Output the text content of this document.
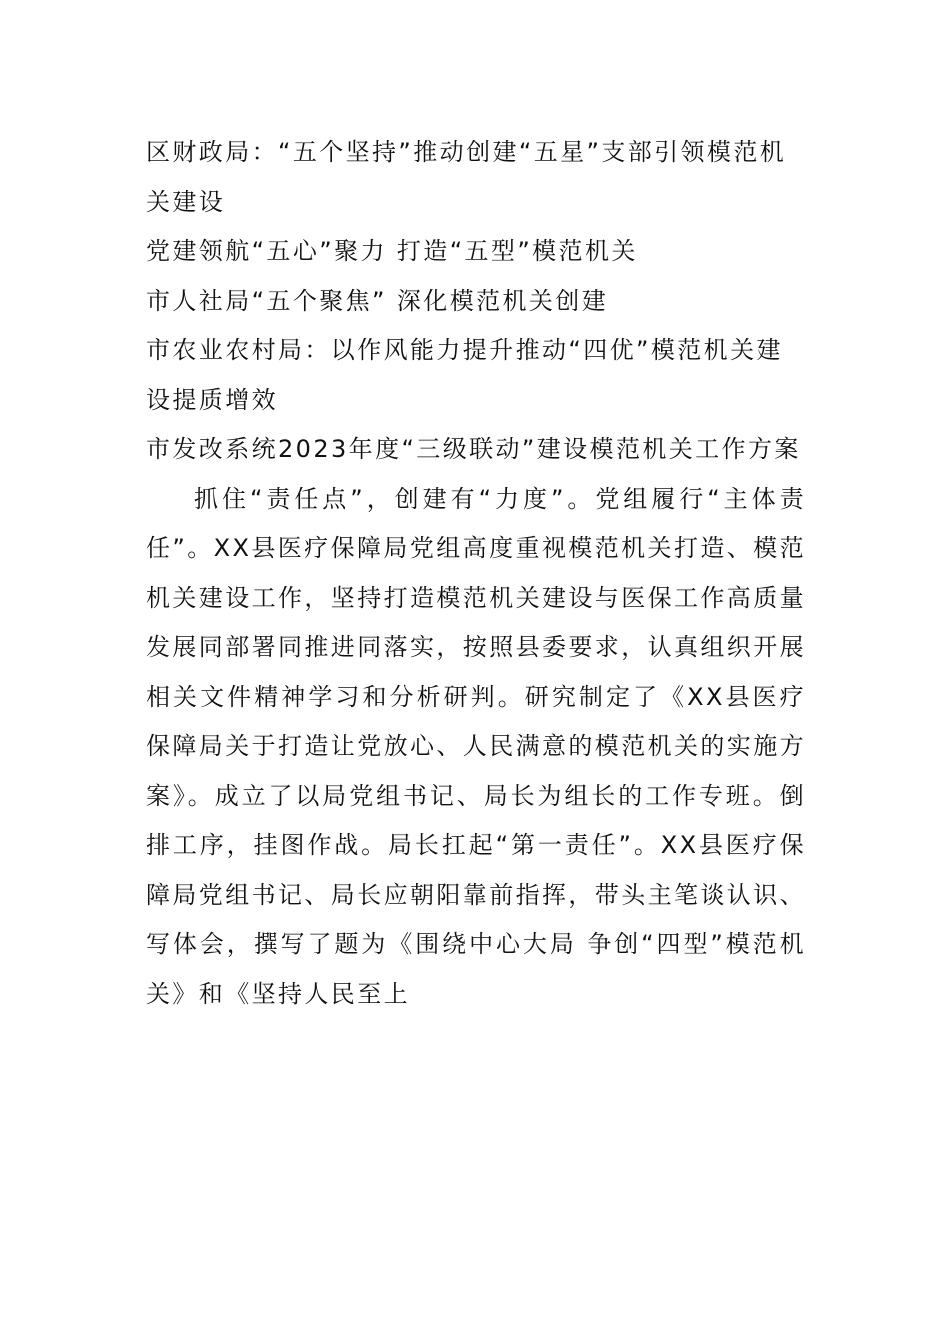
区财政局：“五个坚持”推动创建“五星”支部引领模范机关建设

党建领航“五心”聚力 打造“五型”模范机关

市人社局“五个聚焦” 深化模范机关创建

市农业农村局：以作风能力提升推动“四优”模范机关建设提质增效

市发改系统2023年度“三级联动”建设模范机关工作方案

抓住“责任点”，创建有“力度”。党组履行“主体责任”。XX县医疗保障局党组高度重视模范机关打造、模范机关建设工作，坚持打造模范机关建设与医保工作高质量发展同部署同推进同落实，按照县委要求，认真组织开展相关文件精神学习和分析研判。研究制定了《XX县医疗保障局关于打造让党放心、人民满意的模范机关的实施方案》。成立了以局党组书记、局长为组长的工作专班。倒排工序，挂图作战。局长扛起“第一责任”。XX县医疗保障局党组书记、局长应朝阳靠前指挥，带头主笔谈认识、写体会，撰写了题为《围绕中心大局 争创“四型”模范机关》和《坚持人民至上
